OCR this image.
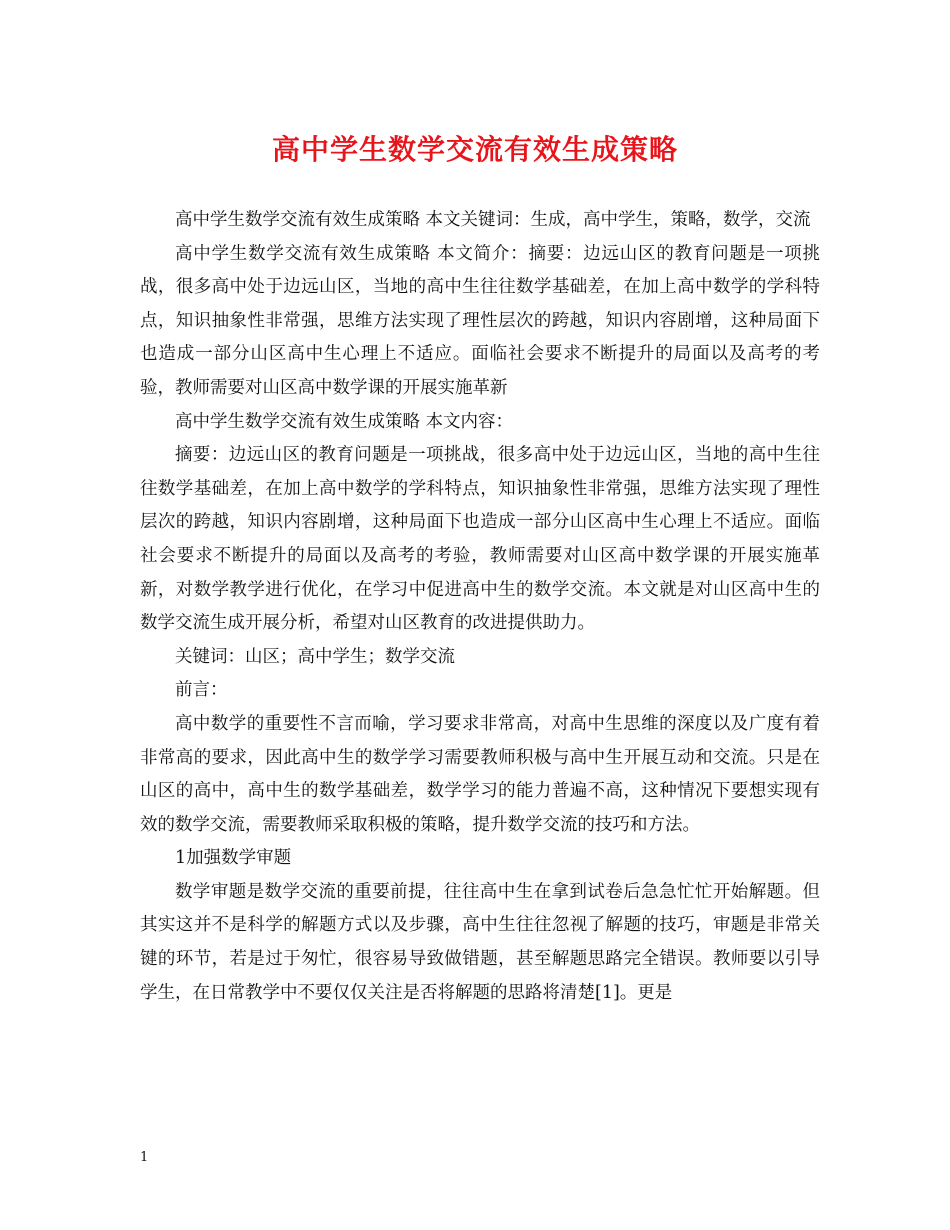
高中学生数学交流有效生成策略

高中学生数学交流有效生成策略 本文关键词：生成，高中学生，策略，数学，交流

高中学生数学交流有效生成策略 本文简介：摘要：边远山区的教育问题是一项挑战，很多高中处于边远山区，当地的高中生往往数学基础差，在加上高中数学的学科特点，知识抽象性非常强，思维方法实现了理性层次的跨越，知识内容剧增，这种局面下也造成一部分山区高中生心理上不适应。面临社会要求不断提升的局面以及高考的考验，教师需要对山区高中数学课的开展实施革新

高中学生数学交流有效生成策略 本文内容：

摘要：边远山区的教育问题是一项挑战，很多高中处于边远山区，当地的高中生往往数学基础差，在加上高中数学的学科特点，知识抽象性非常强，思维方法实现了理性层次的跨越，知识内容剧增，这种局面下也造成一部分山区高中生心理上不适应。面临社会要求不断提升的局面以及高考的考验，教师需要对山区高中数学课的开展实施革新，对数学教学进行优化，在学习中促进高中生的数学交流。本文就是对山区高中生的数学交流生成开展分析，希望对山区教育的改进提供助力。

关键词：山区；高中学生；数学交流

前言：

高中数学的重要性不言而喻，学习要求非常高，对高中生思维的深度以及广度有着非常高的要求，因此高中生的数学学习需要教师积极与高中生开展互动和交流。只是在山区的高中，高中生的数学基础差，数学学习的能力普遍不高，这种情况下要想实现有效的数学交流，需要教师采取积极的策略，提升数学交流的技巧和方法。

1加强数学审题

数学审题是数学交流的重要前提，往往高中生在拿到试卷后急急忙忙开始解题。但其实这并不是科学的解题方式以及步骤，高中生往往忽视了解题的技巧，审题是非常关键的环节，若是过于匆忙，很容易导致做错题，甚至解题思路完全错误。教师要以引导学生，在日常教学中不要仅仅关注是否将解题的思路将清楚[1]。更是

1
